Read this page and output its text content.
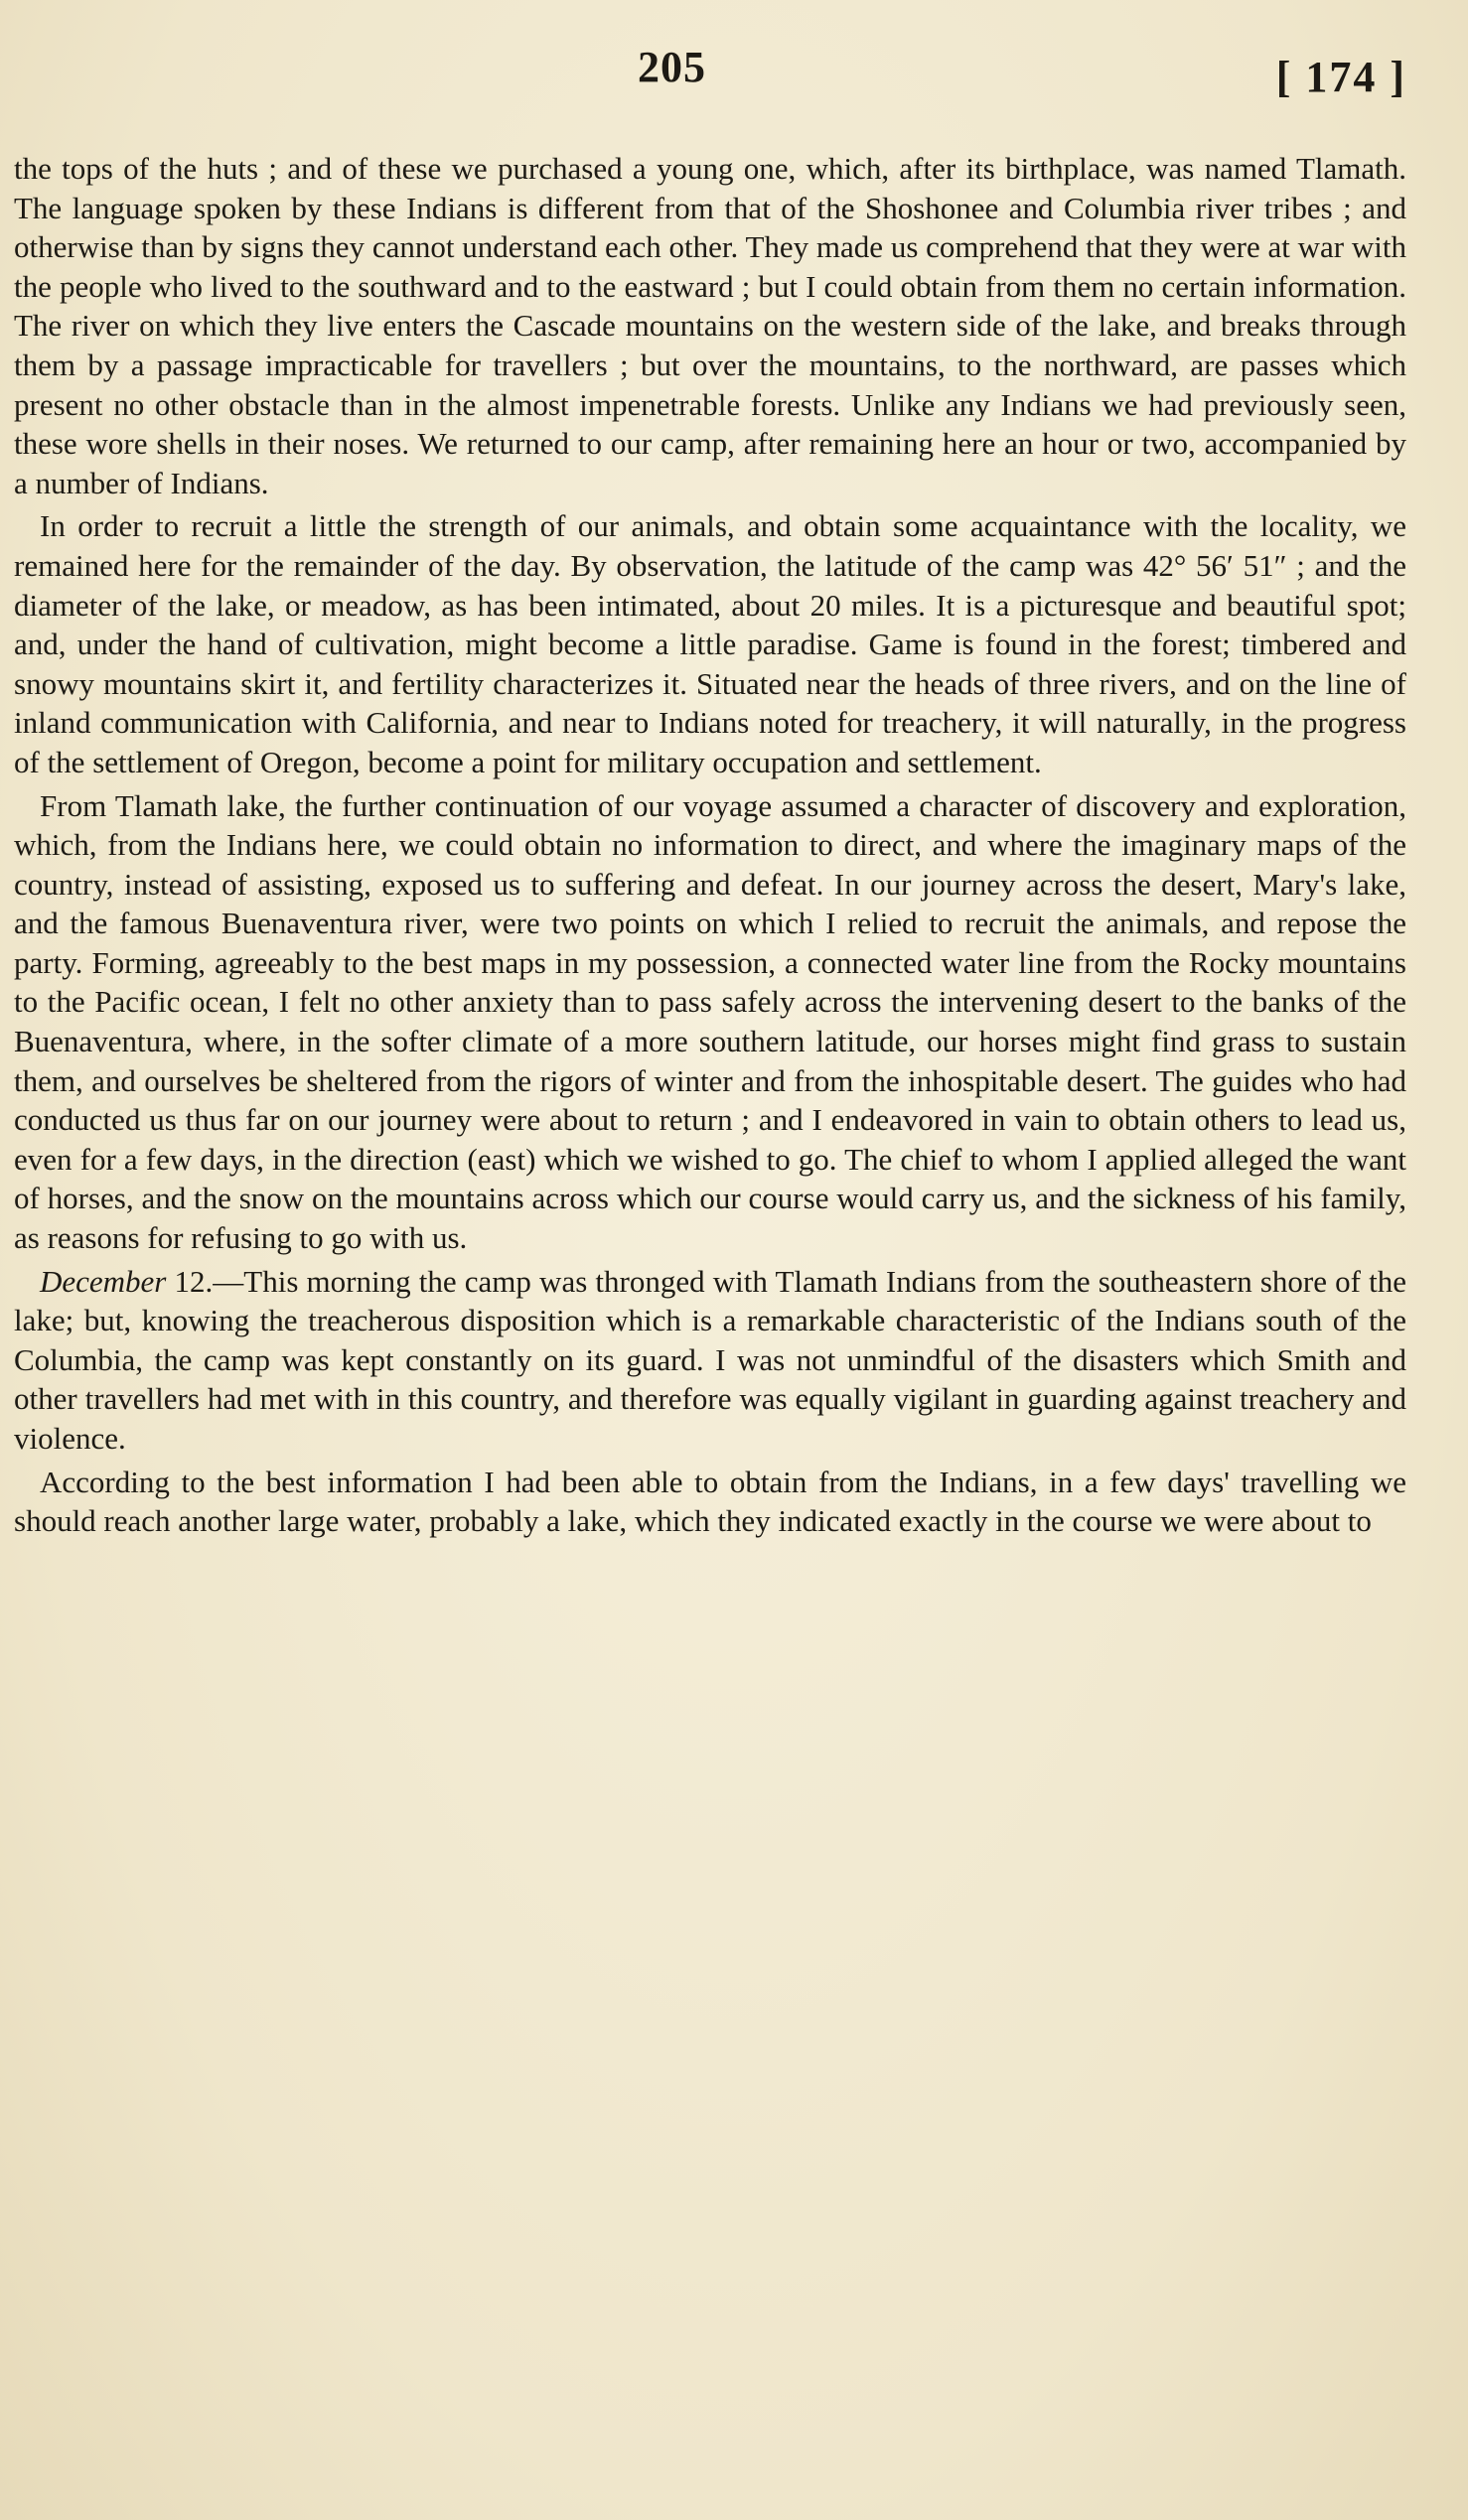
205	[ 174 ]

the tops of the huts ; and of these we purchased a young one, which, after its birthplace, was named Tlamath. The language spoken by these Indians is different from that of the Shoshonee and Columbia river tribes ; and otherwise than by signs they cannot understand each other. They made us comprehend that they were at war with the people who lived to the southward and to the eastward ; but I could obtain from them no certain information. The river on which they live enters the Cascade mountains on the western side of the lake, and breaks through them by a passage impracticable for travellers ; but over the mountains, to the northward, are passes which present no other obstacle than in the almost impenetrable forests. Unlike any Indians we had previously seen, these wore shells in their noses. We returned to our camp, after remaining here an hour or two, accompanied by a number of Indians.

In order to recruit a little the strength of our animals, and obtain some acquaintance with the locality, we remained here for the remainder of the day. By observation, the latitude of the camp was 42° 56′ 51″ ; and the diameter of the lake, or meadow, as has been intimated, about 20 miles. It is a picturesque and beautiful spot; and, under the hand of cultivation, might become a little paradise. Game is found in the forest; timbered and snowy mountains skirt it, and fertility characterizes it. Situated near the heads of three rivers, and on the line of inland communication with California, and near to Indians noted for treachery, it will naturally, in the progress of the settlement of Oregon, become a point for military occupation and settlement.

From Tlamath lake, the further continuation of our voyage assumed a character of discovery and exploration, which, from the Indians here, we could obtain no information to direct, and where the imaginary maps of the country, instead of assisting, exposed us to suffering and defeat. In our journey across the desert, Mary's lake, and the famous Buenaventura river, were two points on which I relied to recruit the animals, and repose the party. Forming, agreeably to the best maps in my possession, a connected water line from the Rocky mountains to the Pacific ocean, I felt no other anxiety than to pass safely across the intervening desert to the banks of the Buenaventura, where, in the softer climate of a more southern latitude, our horses might find grass to sustain them, and ourselves be sheltered from the rigors of winter and from the inhospitable desert. The guides who had conducted us thus far on our journey were about to return ; and I endeavored in vain to obtain others to lead us, even for a few days, in the direction (east) which we wished to go. The chief to whom I applied alleged the want of horses, and the snow on the mountains across which our course would carry us, and the sickness of his family, as reasons for refusing to go with us.

December 12.—This morning the camp was thronged with Tlamath Indians from the southeastern shore of the lake; but, knowing the treacherous disposition which is a remarkable characteristic of the Indians south of the Columbia, the camp was kept constantly on its guard. I was not unmindful of the disasters which Smith and other travellers had met with in this country, and therefore was equally vigilant in guarding against treachery and violence.

According to the best information I had been able to obtain from the Indians, in a few days' travelling we should reach another large water, probably a lake, which they indicated exactly in the course we were about to
